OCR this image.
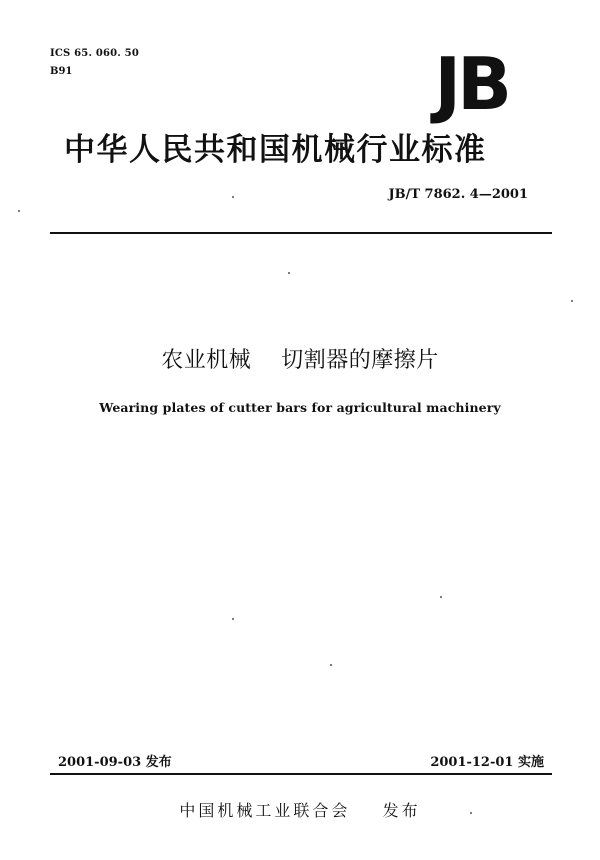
ICS 65. 060. 50
B91	JB
中华人民共和国机械行业标准
JB/T 7862. 4—2001
农业机械    切割器的摩擦片
Wearing plates of cutter bars for agricultural machinery
2001-09-03 发布	2001-12-01 实施
中国机械工业联合会    发布
